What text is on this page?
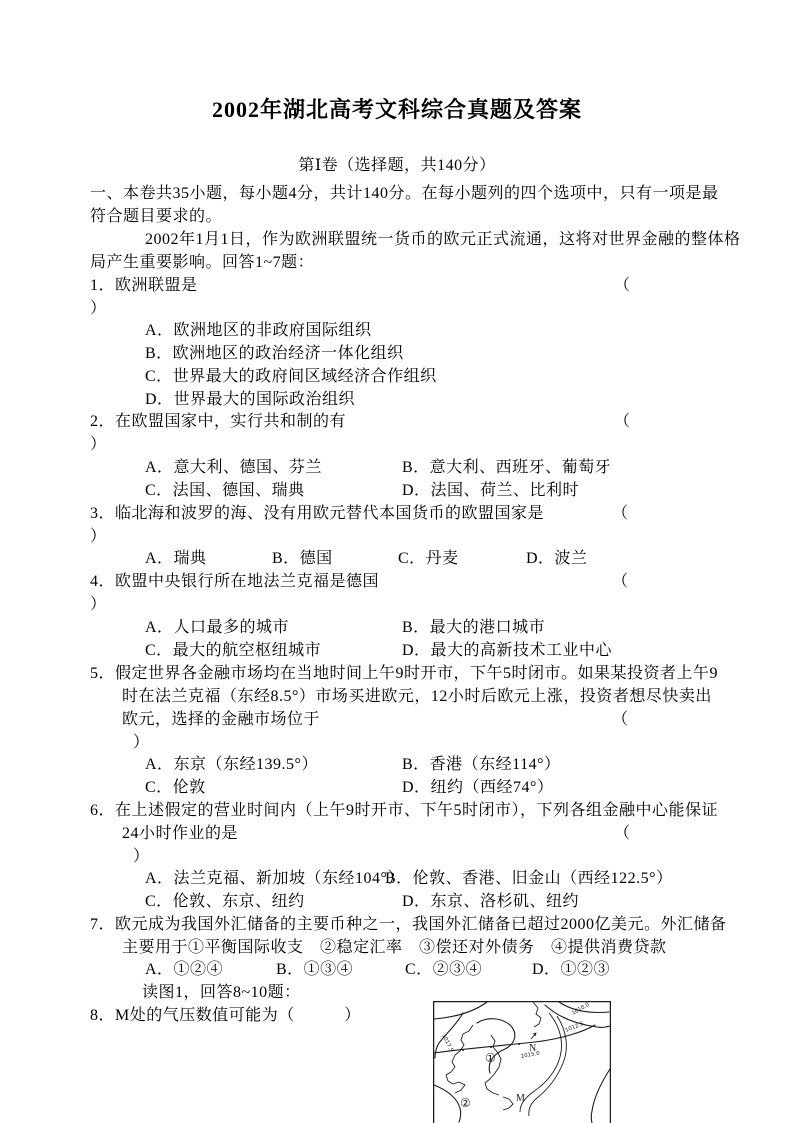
2002年湖北高考文科综合真题及答案
第Ⅰ卷（选择题，共140分）
一、本卷共35小题，每小题4分，共计140分。在每小题列的四个选项中，只有一项是最
符合题目要求的。
2002年1月1日，作为欧洲联盟统一货币的欧元正式流通，这将对世界金融的整体格
局产生重要影响。回答1~7题：
1．欧洲联盟是	（
）
A．欧洲地区的非政府国际组织
B．欧洲地区的政治经济一体化组织
C．世界最大的政府间区域经济合作组织
D．世界最大的国际政治组织
2．在欧盟国家中，实行共和制的有	（
）
A．意大利、德国、芬兰	B．意大利、西班牙、葡萄牙
C．法国、德国、瑞典	D．法国、荷兰、比利时
3．临北海和波罗的海、没有用欧元替代本国货币的欧盟国家是	（
）
A．瑞典	B．德国	C．丹麦	D．波兰
4．欧盟中央银行所在地法兰克福是德国	（
）
A．人口最多的城市	B．最大的港口城市
C．最大的航空枢纽城市	D．最大的高新技术工业中心
5．假定世界各金融市场均在当地时间上午9时开市，下午5时闭市。如果某投资者上午9
时在法兰克福（东经8.5°）市场买进欧元，12小时后欧元上涨，投资者想尽快卖出
欧元，选择的金融市场位于	（
）
A．东京（东经139.5°）	B．香港（东经114°）
C．伦敦	D．纽约（西经74°）
6．在上述假定的营业时间内（上午9时开市、下午5时闭市），下列各组金融中心能保证
24小时作业的是	（
）
A．法兰克福、新加坡（东经104°）
B．伦敦、香港、旧金山（西经122.5°）
C．伦敦、东京、纽约	D．东京、洛杉矶、纽约
7．欧元成为我国外汇储备的主要币种之一，我国外汇储备已超过2000亿美元。外汇储备
主要用于①平衡国际收支　②稳定汇率　③偿还对外债务　④提供消费贷款
A．①②④	B．①③④	C．②③④	D．①②③
读图1，回答8~10题：
8．M处的气压数值可能为（　　　）	1010.0
1012.5
1015.0
1017.5
①
②
N
M
